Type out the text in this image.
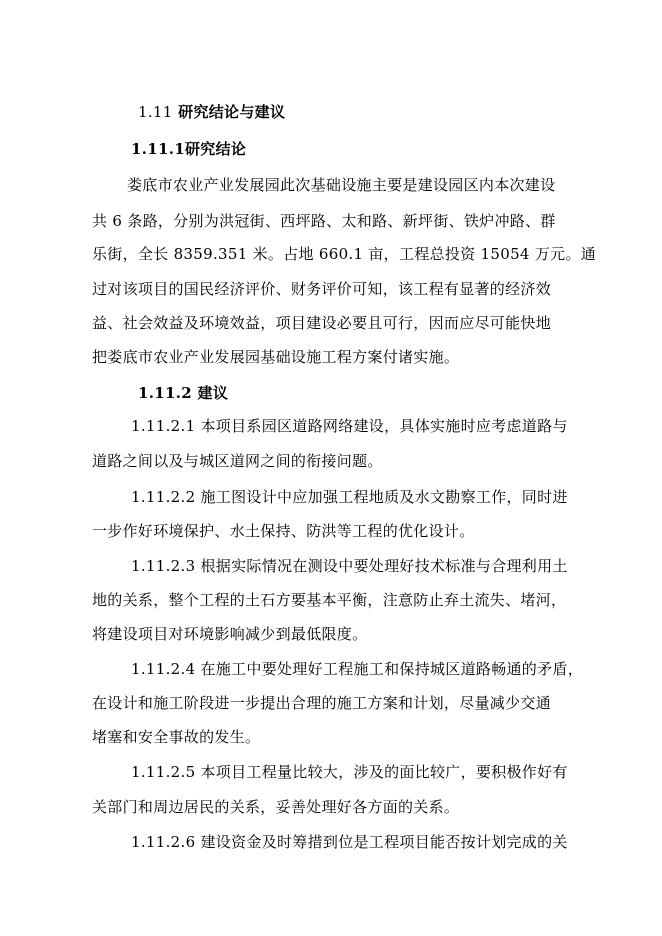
1.11 研究结论与建议
1.11.1研究结论
娄底市农业产业发展园此次基础设施主要是建设园区内本次建设
共 6 条路，分别为洪冠街、西坪路、太和路、新坪街、铁炉冲路、群
乐街，全长 8359.351 米。占地 660.1 亩，工程总投资 15054 万元。通
过对该项目的国民经济评价、财务评价可知，该工程有显著的经济效
益、社会效益及环境效益，项目建设必要且可行，因而应尽可能快地
把娄底市农业产业发展园基础设施工程方案付诸实施。
1.11.2 建议
1.11.2.1 本项目系园区道路网络建设，具体实施时应考虑道路与
道路之间以及与城区道网之间的衔接问题。
1.11.2.2 施工图设计中应加强工程地质及水文勘察工作，同时进
一步作好环境保护、水土保持、防洪等工程的优化设计。
1.11.2.3 根据实际情况在测设中要处理好技术标准与合理利用土
地的关系，整个工程的土石方要基本平衡，注意防止弃土流失、堵河，
将建设项目对环境影响减少到最低限度。
1.11.2.4 在施工中要处理好工程施工和保持城区道路畅通的矛盾，
在设计和施工阶段进一步提出合理的施工方案和计划，尽量减少交通
堵塞和安全事故的发生。
1.11.2.5 本项目工程量比较大，涉及的面比较广，要积极作好有
关部门和周边居民的关系，妥善处理好各方面的关系。
1.11.2.6 建设资金及时筹措到位是工程项目能否按计划完成的关
